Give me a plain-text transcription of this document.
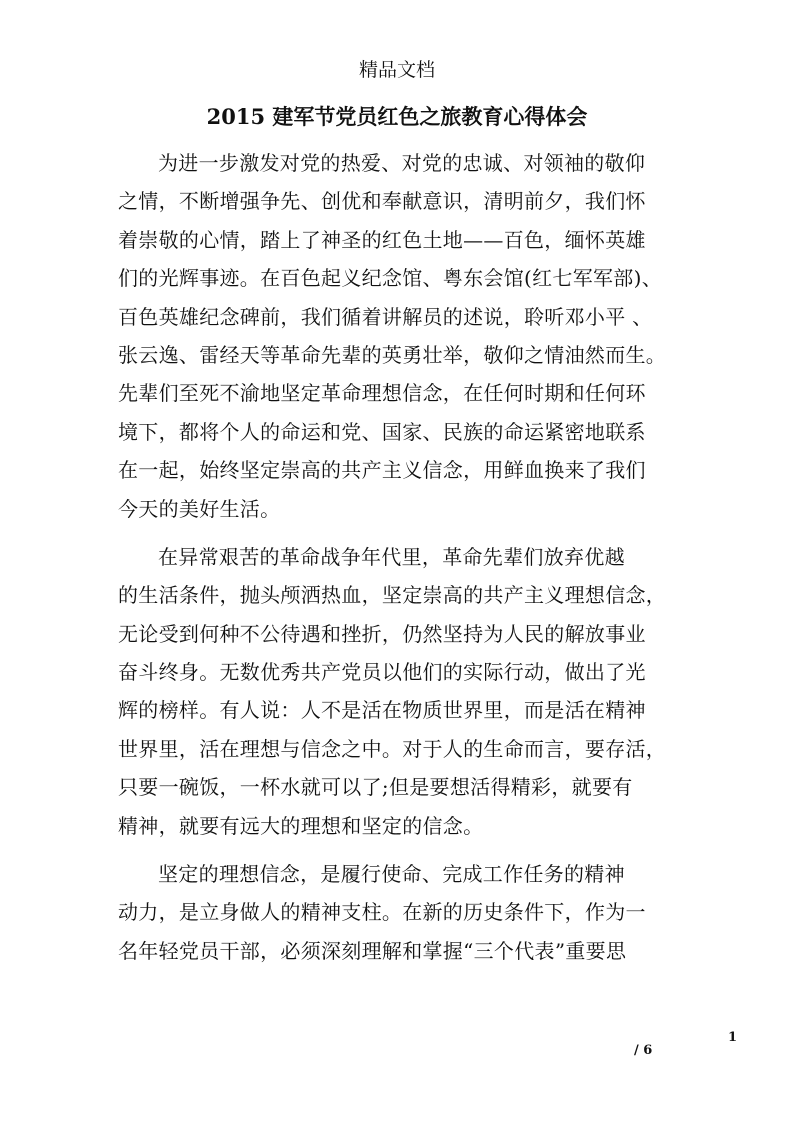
精品文档
2015 建军节党员红色之旅教育心得体会
为进一步激发对党的热爱、对党的忠诚、对领袖的敬仰
之情，不断增强争先、创优和奉献意识，清明前夕，我们怀
着崇敬的心情，踏上了神圣的红色土地——百色，缅怀英雄
们的光辉事迹。在百色起义纪念馆、粤东会馆(红七军军部)、
百色英雄纪念碑前，我们循着讲解员的述说，聆听邓小平 、
张云逸、雷经天等革命先辈的英勇壮举，敬仰之情油然而生。
先辈们至死不渝地坚定革命理想信念，在任何时期和任何环
境下，都将个人的命运和党、国家、民族的命运紧密地联系
在一起，始终坚定崇高的共产主义信念，用鲜血换来了我们
今天的美好生活。
在异常艰苦的革命战争年代里，革命先辈们放弃优越
的生活条件，抛头颅洒热血，坚定崇高的共产主义理想信念，
无论受到何种不公待遇和挫折，仍然坚持为人民的解放事业
奋斗终身。无数优秀共产党员以他们的实际行动，做出了光
辉的榜样。有人说：人不是活在物质世界里，而是活在精神
世界里，活在理想与信念之中。对于人的生命而言，要存活，
只要一碗饭，一杯水就可以了;但是要想活得精彩，就要有
精神，就要有远大的理想和坚定的信念。
坚定的理想信念，是履行使命、完成工作任务的精神
动力，是立身做人的精神支柱。在新的历史条件下，作为一
名年轻党员干部，必须深刻理解和掌握“三个代表”重要思
1
/ 6
